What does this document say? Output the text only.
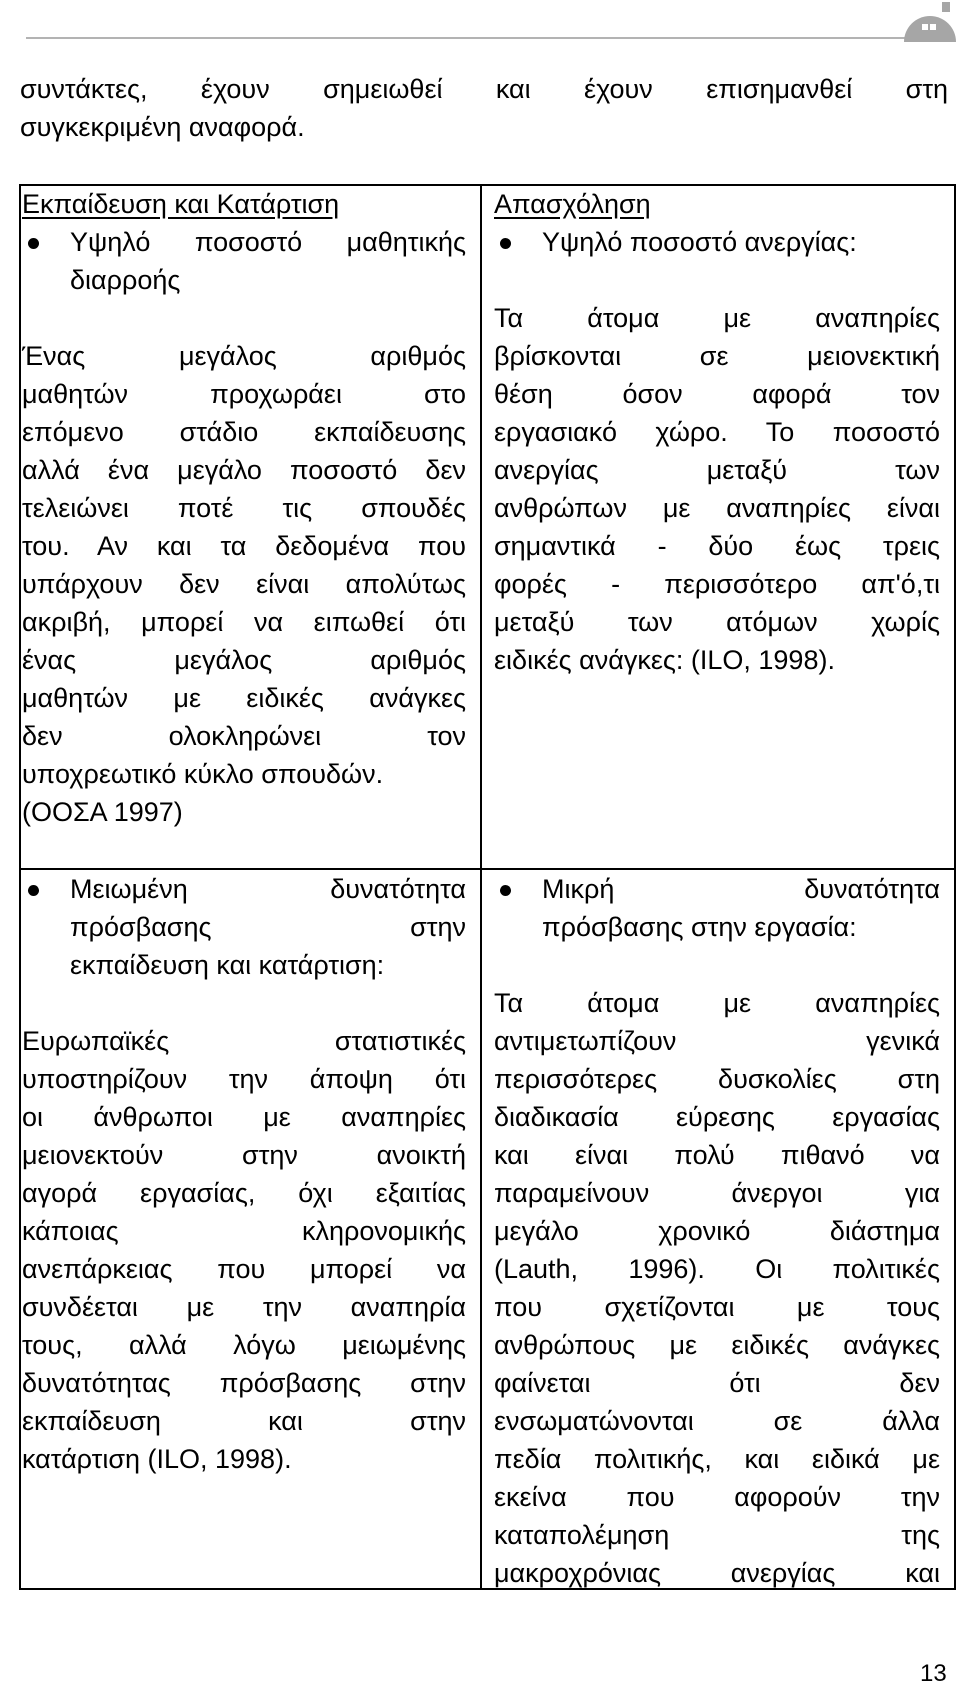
συντάκτες, έχουν σημειωθεί και έχουν επισημανθεί στη
συγκεκριμένη αναφορά.
Εκπαίδευση και Κατάρτιση
Υψηλό ποσοστό μαθητικής
διαρροής
Ένας μεγάλος αριθμός
μαθητών προχωράει στο
επόμενο στάδιο εκπαίδευσης
αλλά ένα μεγάλο ποσοστό δεν
τελειώνει ποτέ τις σπουδές
του. Αν και τα δεδομένα που
υπάρχουν δεν είναι απολύτως
ακριβή, μπορεί να ειπωθεί ότι
ένας μεγάλος αριθμός
μαθητών με ειδικές ανάγκες
δεν ολοκληρώνει τον
υποχρεωτικό κύκλο σπουδών.
(ΟΟΣΑ 1997)
Απασχόληση
Υψηλό ποσοστό ανεργίας:
Τα άτομα με αναπηρίες
βρίσκονται σε μειονεκτική
θέση όσον αφορά τον
εργασιακό χώρο. Το ποσοστό
ανεργίας μεταξύ των
ανθρώπων με αναπηρίες είναι
σημαντικά - δύο έως τρεις
φορές - περισσότερο απ'ό,τι
μεταξύ των ατόμων χωρίς
ειδικές ανάγκες: (ILO, 1998).
Μειωμένη δυνατότητα
πρόσβασης στην
εκπαίδευση και κατάρτιση:
Ευρωπαϊκές στατιστικές
υποστηρίζουν την άποψη ότι
οι άνθρωποι με αναπηρίες
μειονεκτούν στην ανοικτή
αγορά εργασίας, όχι εξαιτίας
κάποιας κληρονομικής
ανεπάρκειας που μπορεί να
συνδέεται με την αναπηρία
τους, αλλά λόγω μειωμένης
δυνατότητας πρόσβασης στην
εκπαίδευση και στην
κατάρτιση (ILO, 1998).
Μικρή δυνατότητα
πρόσβασης στην εργασία:
Τα άτομα με αναπηρίες
αντιμετωπίζουν γενικά
περισσότερες δυσκολίες στη
διαδικασία εύρεσης εργασίας
και είναι πολύ πιθανό να
παραμείνουν άνεργοι για
μεγάλο χρονικό διάστημα
(Lauth, 1996). Οι πολιτικές
που σχετίζονται με τους
ανθρώπους με ειδικές ανάγκες
φαίνεται ότι δεν
ενσωματώνονται σε άλλα
πεδία πολιτικής, και ειδικά με
εκείνα που αφορούν την
καταπολέμηση της
μακροχρόνιας ανεργίας και
13
